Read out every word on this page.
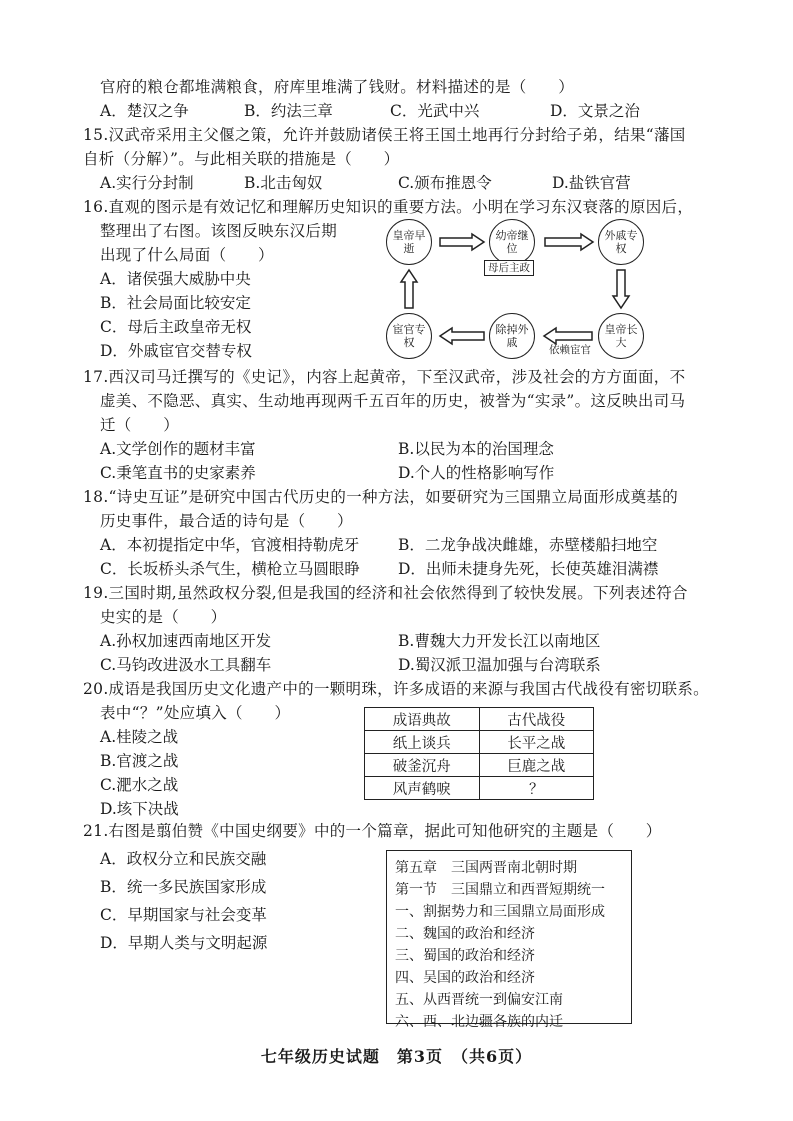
官府的粮仓都堆满粮食，府库里堆满了钱财。材料描述的是（　　）
A．楚汉之争	B．约法三章	C．光武中兴	D．文景之治
15.汉武帝采用主父偃之策，允许并鼓励诸侯王将王国土地再行分封给子弟，结果“藩国
自析（分解）”。与此相关联的措施是（　　）
A.实行分封制	B.北击匈奴	C.颁布推恩令	D.盐铁官营
16.直观的图示是有效记忆和理解历史知识的重要方法。小明在学习东汉衰落的原因后，
整理出了右图。该图反映东汉后期
出现了什么局面（　　）
A．诸侯强大威胁中央
B．社会局面比较安定
C．母后主政皇帝无权
D．外戚宦官交替专权
皇帝早逝
幼帝继位
外戚专权
皇帝长大
除掉外戚
宦官专权
母后主政
依赖宦官
17.西汉司马迁撰写的《史记》，内容上起黄帝，下至汉武帝，涉及社会的方方面面，不
虚美、不隐恶、真实、生动地再现两千五百年的历史，被誉为“实录”。这反映出司马
迁（　　）
A.文学创作的题材丰富	B.以民为本的治国理念
C.秉笔直书的史家素养	D.个人的性格影响写作
18.“诗史互证”是研究中国古代历史的一种方法，如要研究为三国鼎立局面形成奠基的
历史事件，最合适的诗句是（　　）
A．本初提指定中华，官渡相持勒虎牙	B．二龙争战决雌雄，赤壁楼船扫地空
C．长坂桥头杀气生，横枪立马圆眼睁 D．出师未捷身先死，长使英雄泪满襟
19.三国时期,虽然政权分裂,但是我国的经济和社会依然得到了较快发展。下列表述符合
史实的是（　　）
A.孙权加速西南地区开发	B.曹魏大力开发长江以南地区
C.马钧改进汲水工具翻车	D.蜀汉派卫温加强与台湾联系
20.成语是我国历史文化遗产中的一颗明珠，许多成语的来源与我国古代战役有密切联系。
表中“？”处应填入（　　）
A.桂陵之战
B.官渡之战
C.淝水之战
D.垓下决战
成语典故	古代战役
纸上谈兵	长平之战
破釜沉舟	巨鹿之战
风声鹤唳	？
21.右图是翦伯赞《中国史纲要》中的一个篇章，据此可知他研究的主题是（　　）
A．政权分立和民族交融
B．统一多民族国家形成
C．早期国家与社会变革
D．早期人类与文明起源
第五章　三国两晋南北朝时期
第一节　三国鼎立和西晋短期统一
一、割据势力和三国鼎立局面形成
二、魏国的政治和经济
三、蜀国的政治和经济
四、吴国的政治和经济
五、从西晋统一到偏安江南
六、西、北边疆各族的内迁
七年级历史试题　第3页　（共6页）
